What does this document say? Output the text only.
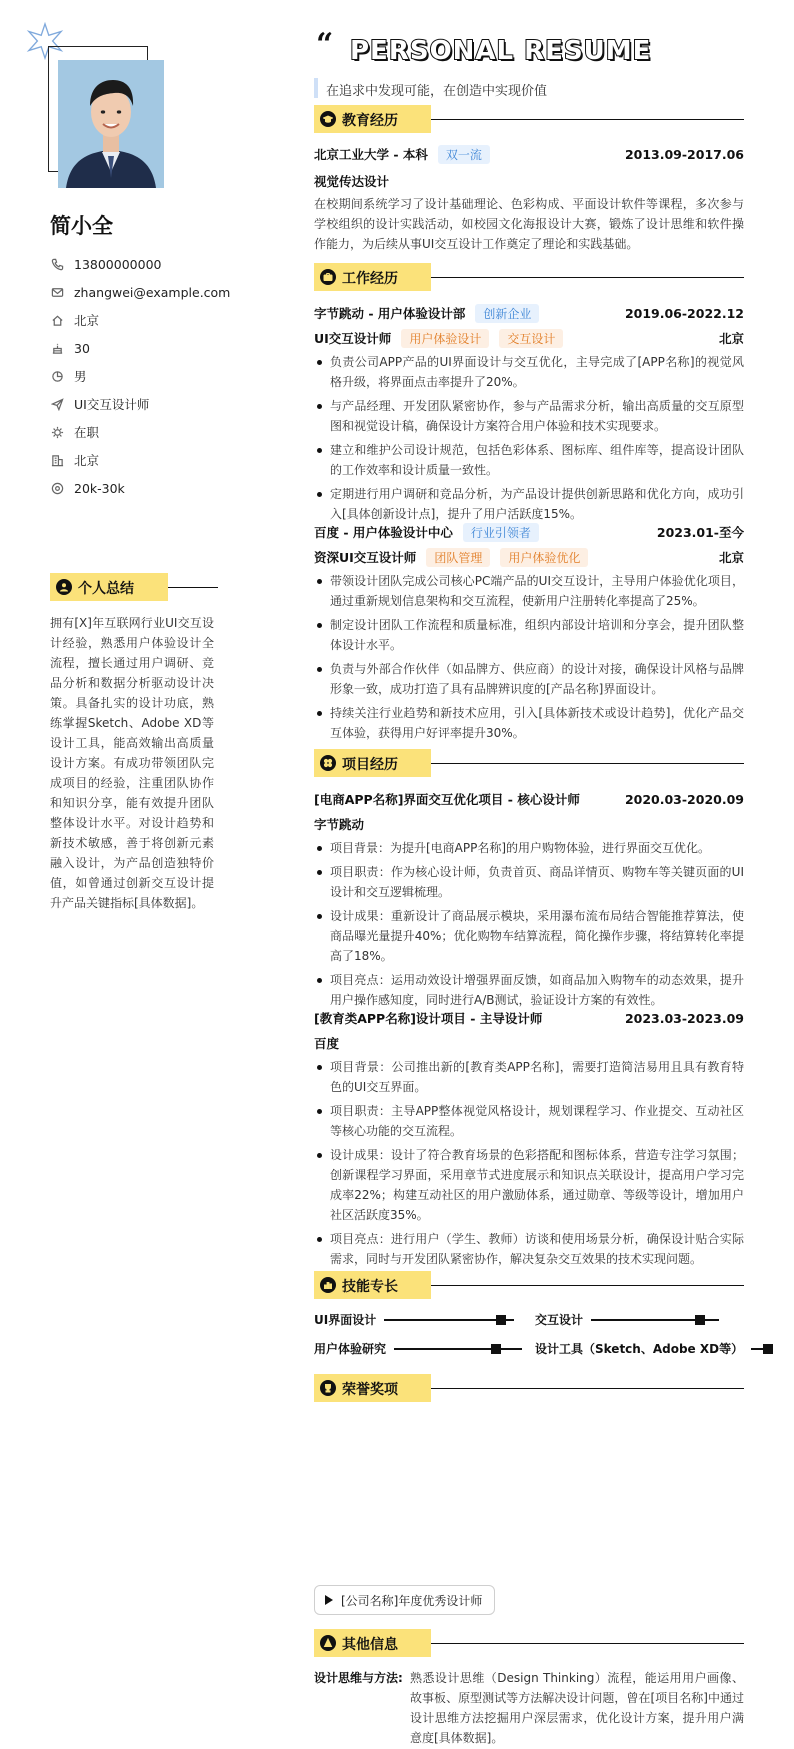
简小全
13800000000
zhangwei@example.com
北京
30
男
UI交互设计师
在职
北京
20k-30k
个人总结
拥有[X]年互联网行业UI交互设计经验，熟悉用户体验设计全流程，擅长通过用户调研、竞品分析和数据分析驱动设计决策。具备扎实的设计功底，熟练掌握Sketch、Adobe XD等设计工具，能高效输出高质量设计方案。有成功带领团队完成项目的经验，注重团队协作和知识分享，能有效提升团队整体设计水平。对设计趋势和新技术敏感，善于将创新元素融入设计，为产品创造独特价值，如曾通过创新交互设计提升产品关键指标[具体数据]。
“ PERSONAL RESUME
在追求中发现可能，在创造中实现价值
教育经历
北京工业大学 - 本科	双一流	2013.09-2017.06
视觉传达设计
在校期间系统学习了设计基础理论、色彩构成、平面设计软件等课程，多次参与学校组织的设计实践活动，如校园文化海报设计大赛，锻炼了设计思维和软件操作能力，为后续从事UI交互设计工作奠定了理论和实践基础。
工作经历
字节跳动 - 用户体验设计部	创新企业	2019.06-2022.12
UI交互设计师	用户体验设计	交互设计	北京
负责公司APP产品的UI界面设计与交互优化，主导完成了[APP名称]的视觉风格升级，将界面点击率提升了20%。
与产品经理、开发团队紧密协作，参与产品需求分析，输出高质量的交互原型图和视觉设计稿，确保设计方案符合用户体验和技术实现要求。
建立和维护公司设计规范，包括色彩体系、图标库、组件库等，提高设计团队的工作效率和设计质量一致性。
定期进行用户调研和竞品分析，为产品设计提供创新思路和优化方向，成功引入[具体创新设计点]，提升了用户活跃度15%。
百度 - 用户体验设计中心	行业引领者	2023.01-至今
资深UI交互设计师	团队管理	用户体验优化	北京
带领设计团队完成公司核心PC端产品的UI交互设计，主导用户体验优化项目，通过重新规划信息架构和交互流程，使新用户注册转化率提高了25%。
制定设计团队工作流程和质量标准，组织内部设计培训和分享会，提升团队整体设计水平。
负责与外部合作伙伴（如品牌方、供应商）的设计对接，确保设计风格与品牌形象一致，成功打造了具有品牌辨识度的[产品名称]界面设计。
持续关注行业趋势和新技术应用，引入[具体新技术或设计趋势]，优化产品交互体验，获得用户好评率提升30%。
项目经历
[电商APP名称]界面交互优化项目 - 核心设计师	2020.03-2020.09
字节跳动
项目背景：为提升[电商APP名称]的用户购物体验，进行界面交互优化。
项目职责：作为核心设计师，负责首页、商品详情页、购物车等关键页面的UI设计和交互逻辑梳理。
设计成果：重新设计了商品展示模块，采用瀑布流布局结合智能推荐算法，使商品曝光量提升40%；优化购物车结算流程，简化操作步骤，将结算转化率提高了18%。
项目亮点：运用动效设计增强界面反馈，如商品加入购物车的动态效果，提升用户操作感知度，同时进行A/B测试，验证设计方案的有效性。
[教育类APP名称]设计项目 - 主导设计师	2023.03-2023.09
百度
项目背景：公司推出新的[教育类APP名称]，需要打造简洁易用且具有教育特色的UI交互界面。
项目职责：主导APP整体视觉风格设计，规划课程学习、作业提交、互动社区等核心功能的交互流程。
设计成果：设计了符合教育场景的色彩搭配和图标体系，营造专注学习氛围；创新课程学习界面，采用章节式进度展示和知识点关联设计，提高用户学习完成率22%；构建互动社区的用户激励体系，通过勋章、等级等设计，增加用户社区活跃度35%。
项目亮点：进行用户（学生、教师）访谈和使用场景分析，确保设计贴合实际需求，同时与开发团队紧密协作，解决复杂交互效果的技术实现问题。
技能专长
UI界面设计	交互设计
用户体验研究	设计工具（Sketch、Adobe XD等）
荣誉奖项
[公司名称]年度优秀设计师
其他信息
设计思维与方法: 熟悉设计思维（Design Thinking）流程，能运用用户画像、故事板、原型测试等方法解决设计问题，曾在[项目名称]中通过设计思维方法挖掘用户深层需求，优化设计方案，提升用户满意度[具体数据]。
